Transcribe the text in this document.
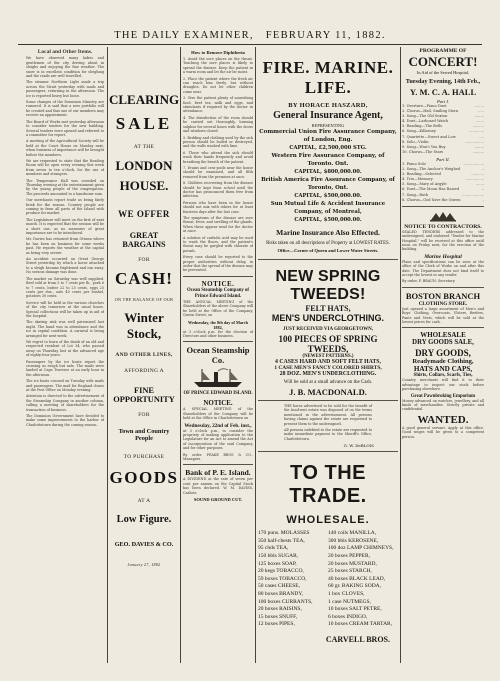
THE DAILY EXAMINER, FEBRUARY 11, 1882.
Local and Other Items.

We have observed many ladies and gentlemen of the city driving about in sleighs and enjoying the fine weather. The snow is in excellent condition for sleighing and the roads are well travelled.

The steamer Northern Light made a trip across the Strait yesterday with mails and passengers, returning in the afternoon. The ice is reported heavy but loose.

Some changes of the Dominion Ministry are rumored. It is said that a new portfolio will be created and that one of our members may receive an appointment.

The Board of Works met yesterday afternoon to consider tenders for the new building. Several tenders were opened and referred to a committee for report.

A meeting of the Agricultural Society will be held at the Court House on Monday next, when business of importance will be brought before the members.

We are requested to state that the Reading Room will be open every evening this week from seven to ten o'clock, for the use of members and strangers.

The Temperance Hall was crowded on Thursday evening at the entertainment given by the young people of the congregation. The proceeds amounted to a handsome sum.

Our merchants report trade as being fairly brisk for the season. Country people are coming in from all parts of the Island with produce for market.

The Legislature will meet on the first of next month. It is expected that the session will be a short one, as no measures of great importance are to be introduced.

Mr. Davies has returned from Ottawa where he has been on business for some weeks past. He reports the weather at the capital as being very severe.

An accident occurred on Great George Street yesterday, by which a horse attached to a sleigh became frightened and ran away. No serious damage was done.

The market on Saturday was well supplied. Beef sold at from 5 to 7 cents per lb., pork 6 to 7 cents, butter 22 to 25 cents, eggs 25 cents per doz., oats 40 cents per bushel, potatoes 30 cents.

Service will be held in the various churches of the city tomorrow at the usual hours. Special collections will be taken up in aid of the hospital.

The skating rink was well patronized last night. The band was in attendance and the ice in capital condition. A carnival is being arranged for next week.

We regret to learn of the death of an old and respected resident of Lot 34, who passed away on Thursday last at the advanced age of eighty-four years.

Passengers by the ice boats report the crossing as rough but safe. The mails were landed at Cape Traverse at an early hour in the afternoon.

The ice boats crossed on Tuesday with mails and passengers. The mail for England closes at the Post Office on Monday evening.

Attention is directed to the advertisement of the Steamship Company in another column, calling a meeting of shareholders for the transaction of business.

The Dominion Government have decided to make some improvements to the harbor of Charlottetown during the coming season.

CLEARING
SALE
AT THE
LONDON
HOUSE.
WE OFFER
GREAT BARGAINS
FOR
CASH!
ON THE BALANCE OF OUR
Winter Stock,
AND OTHER LINES,
AFFORDING A
FINE OPPORTUNITY
FOR
Town and Country People
TO PURCHASE
GOODS
AT A
Low Figure.
GEO. DAVIES & CO.
January 27, 1882
How to Remove Diphtheria

1. Avoid the sore places on the throat. Touching the sore places is likely to spread the disease. Keep the patient in a warm room and let the air be moist.

2. Place the patient where the fresh air can reach him freely, but without draughts. Do not let other children come near.

3. Give the patient plenty of nourishing food, beef tea, milk and eggs, and stimulants if required by the doctor in attendance.

4. The disinfection of the room should be carried out thoroughly, burning sulphur for several hours with the doors and windows closed.

5. Bedding and clothing used by the sick person should be boiled or destroyed, and the walls washed with lime.

6. Those who attend the sick should wash their hands frequently and avoid breathing the breath of the patient.

7. Drains and cess-pools near the house should be examined, and all filth removed from the premises at once.

8. Children recovering from the disease should be kept from school until the doctor has pronounced them free from infection.

Persons who have been in the house should not mix with others for at least fourteen days after the last case.

The symptoms of the disease are sore throat, fever, and swelling of the glands. When these appear send for the doctor at once.

A solution of carbolic acid may be used to wash the floors, and the patient's throat may be gargled with chlorate of potash.

Every case should be reported to the proper authorities without delay, in order that the spread of the disease may be prevented.

NOTICE.
Ocean Steamship Company of Prince Edward Island.

THE ANNUAL MEETING of the Shareholders of the above Company will be held at the Office of the Company, Queen Street, on

Wednesday, the 8th day of March 1882,

at 3 o'clock p.m. for the election of Directors and other business.

Ocean Steamship Co.
OF PRINCE EDWARD ISLAND.
NOTICE.

A SPECIAL MEETING of the Shareholders of the Company will be held at the Office in Charlottetown on

Wednesday, 22nd of Feb. inst.,

at 3 o'clock p.m., to consider the propriety of making application to the Legislature for an Act to amend the Act of incorporation of the said Company, and for other purposes.

By order. PEAKE BROS & CO., Managers.

Bank of P. E. Island.

A DIVIDEND at the rate of seven per cent per annum on the Capital Stock has been declared. W. M. DAVIES, Cashier.

SOUND GROUND CUT.
FIRE. MARINE. LIFE.
BY HORACE HASZARD,
General Insurance Agent,
REPRESENTING
Commercial Union Fire Assurance Company, of London, Eng.
CAPITAL, £2,500,000 STG.
Western Fire Assurance Company, of Toronto. Ont.
CAPITAL, $800,000.00.
British America Fire Assurance Company, of Toronto, Ont.
CAPITAL, $500,000.00.
Sun Mutual Life & Accident Insurance Company, of Montreal,
CAPITAL, $500,000.00.
Marine Insurance Also Effected.
Risks taken on all descriptions of Property at LOWEST RATES.
Office—Corner of Queen and Lower Water Streets.
NEW SPRING TWEEDS!
FELT HATS,
MEN'S UNDERCLOTHING.
JUST RECEIVED VIA GEORGETOWN,
100 PIECES OF SPRING TWEEDS,
(NEWEST PATTERNS.)
4 CASES HARD AND SOFT FELT HATS,
1 CASE MEN'S FANCY COLORED SHIRTS,
28 DOZ. MEN'S UNDERCLOTHING.
Will be sold at a small advance on the Cash.
J. B. MACDONALD.

THE horse advertised to be sold for the benefit of the Insolvent estate was disposed of on the terms mentioned in the advertisement. All persons having claims against the estate are requested to present them to the undersigned.

All persons indebted to the estate are requested to make immediate payment to the Sheriff's Office, Charlottetown.

G. W. DeBLOIS
TO THE TRADE.
WHOLESALE.
170 puns. MOLASSES
350 half-chests TEA,
95 chds TEA,
150 bbls SUGAR,
125 boxes SOAP,
20 kegs TOBACCO,
59 boxes TOBACCO,
50 cases CHEESE,
80 boxes BRANDY,
100 boxes CURRANTS,
20 boxes RAISINS,
15 boxes SNUFF,
12 boxes PIPES,
140 coils MANILLA,
300 bbls KEROSENE,
100 doz LAMP CHIMNEYS,
20 boxes PEPPER,
20 boxes MUSTARD,
25 boxes STARCH,
40 boxes BLACK LEAD,
60 gr. BAKING SODA,
1 box CLOVES,
1 case NUTMEGS,
10 boxes SALT PETRE,
6 boxes INDIGO,
10 boxes CREAM TARTAR,
CARVELL BROS.
PROGRAMME OF
CONCERT!
In Aid of the Sewed Hospital,
Tuesday Evening, 14th Feb.,
Y. M. C. A. HALL
Part I.
1. Overture—Piano Duet	........
2. Chorus—Hail, Smiling Morn	.....
3. Song—The Old Sexton	........
4. Duet—Larboard Watch	.......
5. Reading—The Bells	..........
6. Song—Killarney	.............
7. Quartette—Sweet and Low	....
8. Solo—Violin	.................
9. Song—Won't You Buy	........
10. Chorus—The Stars	..........
Part II.
1. Piano Solo	..................
2. Song—The Anchor's Weighed	..
3. Reading—Selected	...........
4. Trio—Memory	................
5. Song—Mary of Argyle	.......
6. Duet—The Moon Has Raised	..
7. Song—Ruth	...................
8. Chorus—God Save the Queen	.
NOTICE TO CONTRACTORS.

SEALED TENDERS addressed to the undersigned, and endorsed "Tender for Marine Hospital," will be received at this office until noon on Friday next, for the erection of the building.

Marine Hospital

Plans and specifications can be seen at the office of the Clerk of Works on and after this date. The Department does not bind itself to accept the lowest or any tender.

By order, F. BRAUN, Secretary.

BOSTON BRANCH
CLOTHING STORE.

Just opened a large assortment of Men's and Boys' Clothing, Overcoats, Ulsters, Reefers, Pants and Vests, which will be sold at the lowest prices for cash.

WHOLESALE
DRY GOODS SALE,
DRY GOODS,
Readymade Clothing,
HATS AND CAPS,
Shirts, Collars, Scarfs, Ties,

Country merchants will find it to their advantage to inspect our stock before purchasing elsewhere.

Great Pawnbroking Emporium

Money advanced on watches, jewellery, and all kinds of merchandise. Strictly private and confidential.

WANTED.

A good general servant. Apply at this office. Good wages will be given to a competent person.
